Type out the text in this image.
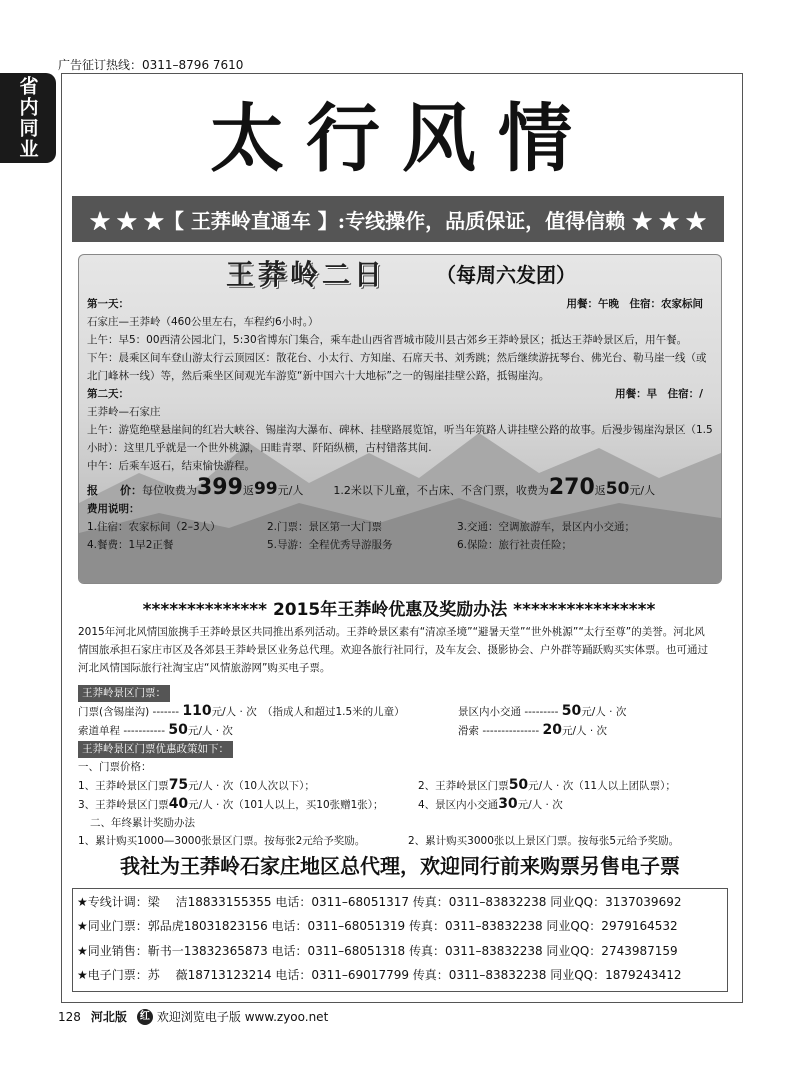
广告征订热线：0311–8796 7610
省内同业	太行风情
★ ★ ★【 王莽岭直通车 】:专线操作，品质保证，值得信赖 ★ ★ ★
王莽岭二日	（每周六发团）
第一天：	用餐：午晚　住宿：农家标间
石家庄—王莽岭（460公里左右，车程约6小时。）
上午：早5：00西清公园北门，5:30省博东门集合，乘车赴山西省晋城市陵川县古郊乡王莽岭景区；抵达王莽岭景区后，用午餐。
下午：晨乘区间车登山游太行云顶园区：散花台、小太行、方知崖、石席天书、刘秀跳；然后继续游抚琴台、佛光台、勒马崖一线（或北门峰林一线）等，然后乘坐区间观光车游览“新中国六十大地标”之一的锡崖挂壁公路，抵锡崖沟。
第二天：	用餐：早　住宿：/
王莽岭—石家庄
上午：游览绝壁悬崖间的红岩大峡谷、锡崖沟大瀑布、碑林、挂壁路展览馆，听当年筑路人讲挂壁公路的故事。后漫步锡崖沟景区（1.5小时）：这里几乎就是一个世外桃源，田畦青翠、阡陌纵横，古村错落其间.
中午：后乘车返石，结束愉快游程。
报　　价： 每位收费为 399 返 99 元/人	1.2米以下儿童，不占床、不含门票，收费为 270 返 50 元/人
费用说明：
1.住宿：农家标间（2–3人）	2.门票：景区第一大门票	3.交通：空调旅游车，景区内小交通；
4.餐费：1早2正餐	5.导游：全程优秀导游服务	6.保险：旅行社责任险；
************** 2015年王莽岭优惠及奖励办法 ****************
2015年河北风情国旅携手王莽岭景区共同推出系列活动。王莽岭景区素有“清凉圣境”“避暑天堂”“世外桃源”“太行至尊”的美誉。河北风情国旅承担石家庄市区及各郊县王莽岭景区业务总代理。欢迎各旅行社同行，及车友会、摄影协会、户外群等踊跃购买实体票。也可通过河北风情国际旅行社淘宝店“风情旅游网”购买电子票。
王莽岭景区门票：
门票(含锡崖沟) ------- 110元/人 · 次　（指成人和超过1.5米的儿童）	景区内小交通 --------- 50元/人 · 次
索道单程 ----------- 50元/人 · 次	滑索 --------------- 20元/人 · 次
王莽岭景区门票优惠政策如下：
一、门票价格：
1、王莽岭景区门票75元/人 · 次（10人次以下）；	2、王莽岭景区门票50元/人 · 次（11人以上团队票）；
3、王莽岭景区门票40元/人 · 次（101人以上，买10张赠1张）；	4、景区内小交通30元/人 · 次
二、年终累计奖励办法
1、累计购买1000—3000张景区门票。按每张2元给予奖励。	2、累计购买3000张以上景区门票。按每张5元给予奖励。
我社为王莽岭石家庄地区总代理，欢迎同行前来购票另售电子票
★专线计调：梁　 洁18833155355 电话：0311–68051317 传真：0311–83832238 同业QQ：3137039692
★同业门票：郭品虎18031823156 电话：0311–68051319 传真：0311–83832238 同业QQ：2979164532
★同业销售：靳书一13832365873 电话：0311–68051318 传真：0311–83832238 同业QQ：2743987159
★电子门票：苏　 薇18713123214 电话：0311–69017799 传真：0311–83832238 同业QQ：1879243412
128 河北版	红 欢迎浏览电子版 www.zyoo.net
